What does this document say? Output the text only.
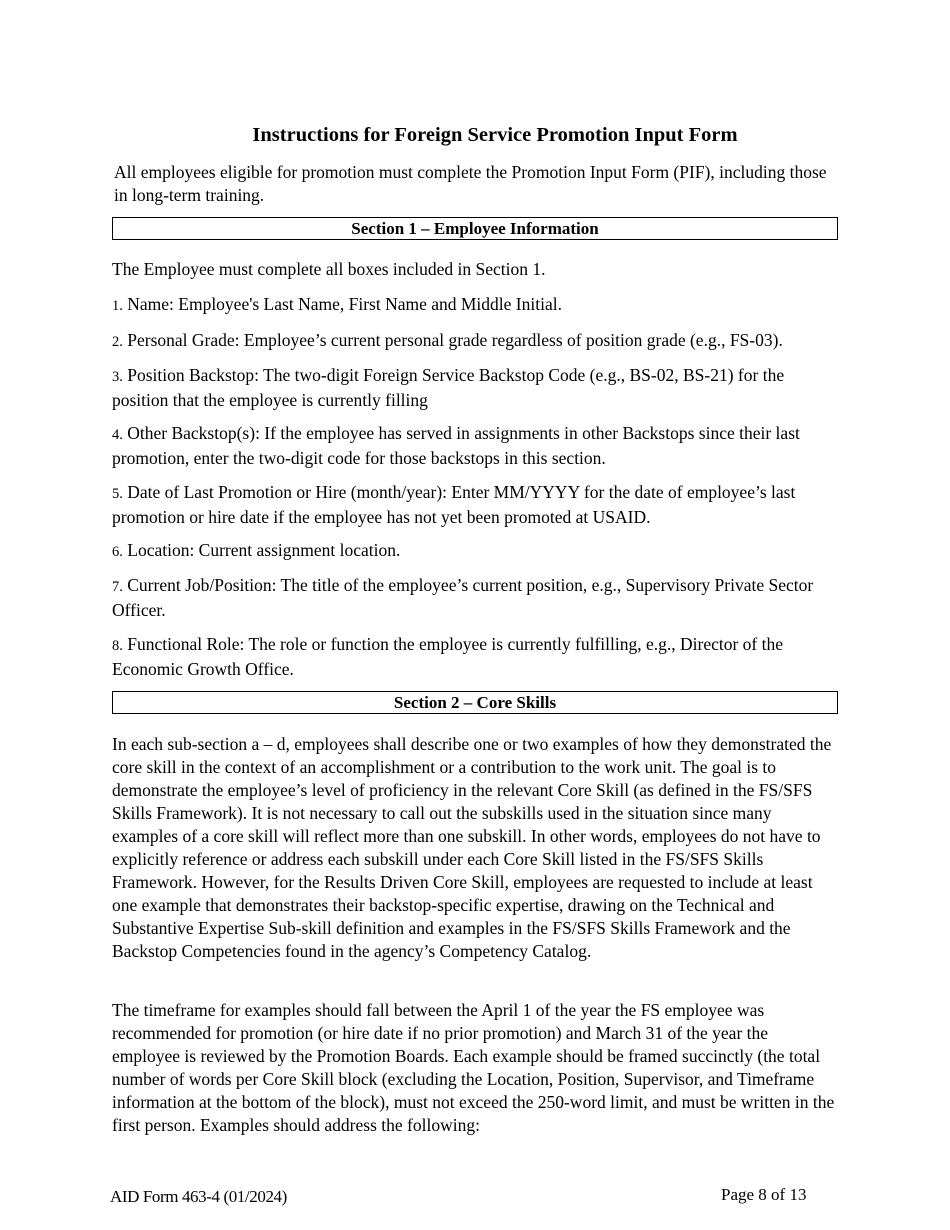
Instructions for Foreign Service Promotion Input Form
All employees eligible for promotion must complete the Promotion Input Form (PIF), including those in long-term training.
Section 1 – Employee Information
The Employee must complete all boxes included in Section 1.
1. Name: Employee's Last Name, First Name and Middle Initial.
2. Personal Grade: Employee’s current personal grade regardless of position grade (e.g., FS-03).
3. Position Backstop: The two-digit Foreign Service Backstop Code (e.g., BS-02, BS-21) for the position that the employee is currently filling
4. Other Backstop(s): If the employee has served in assignments in other Backstops since their last promotion, enter the two-digit code for those backstops in this section.
5. Date of Last Promotion or Hire (month/year): Enter MM/YYYY for the date of employee’s last promotion or hire date if the employee has not yet been promoted at USAID.
6. Location: Current assignment location.
7. Current Job/Position: The title of the employee’s current position, e.g., Supervisory Private Sector Officer.
8. Functional Role: The role or function the employee is currently fulfilling, e.g., Director of the Economic Growth Office.
Section 2 – Core Skills
In each sub-section a – d, employees shall describe one or two examples of how they demonstrated the core skill in the context of an accomplishment or a contribution to the work unit. The goal is to demonstrate the employee’s level of proficiency in the relevant Core Skill (as defined in the FS/SFS Skills Framework). It is not necessary to call out the subskills used in the situation since many examples of a core skill will reflect more than one subskill. In other words, employees do not have to explicitly reference or address each subskill under each Core Skill listed in the FS/SFS Skills Framework. However, for the Results Driven Core Skill, employees are requested to include at least one example that demonstrates their backstop-specific expertise, drawing on the Technical and Substantive Expertise Sub-skill definition and examples in the FS/SFS Skills Framework and the Backstop Competencies found in the agency’s Competency Catalog.
The timeframe for examples should fall between the April 1 of the year the FS employee was recommended for promotion (or hire date if no prior promotion) and March 31 of the year the employee is reviewed by the Promotion Boards. Each example should be framed succinctly (the total number of words per Core Skill block (excluding the Location, Position, Supervisor, and Timeframe information at the bottom of the block), must not exceed the 250-word limit, and must be written in the first person. Examples should address the following:
AID Form 463-4 (01/2024)	Page 8 of 13
